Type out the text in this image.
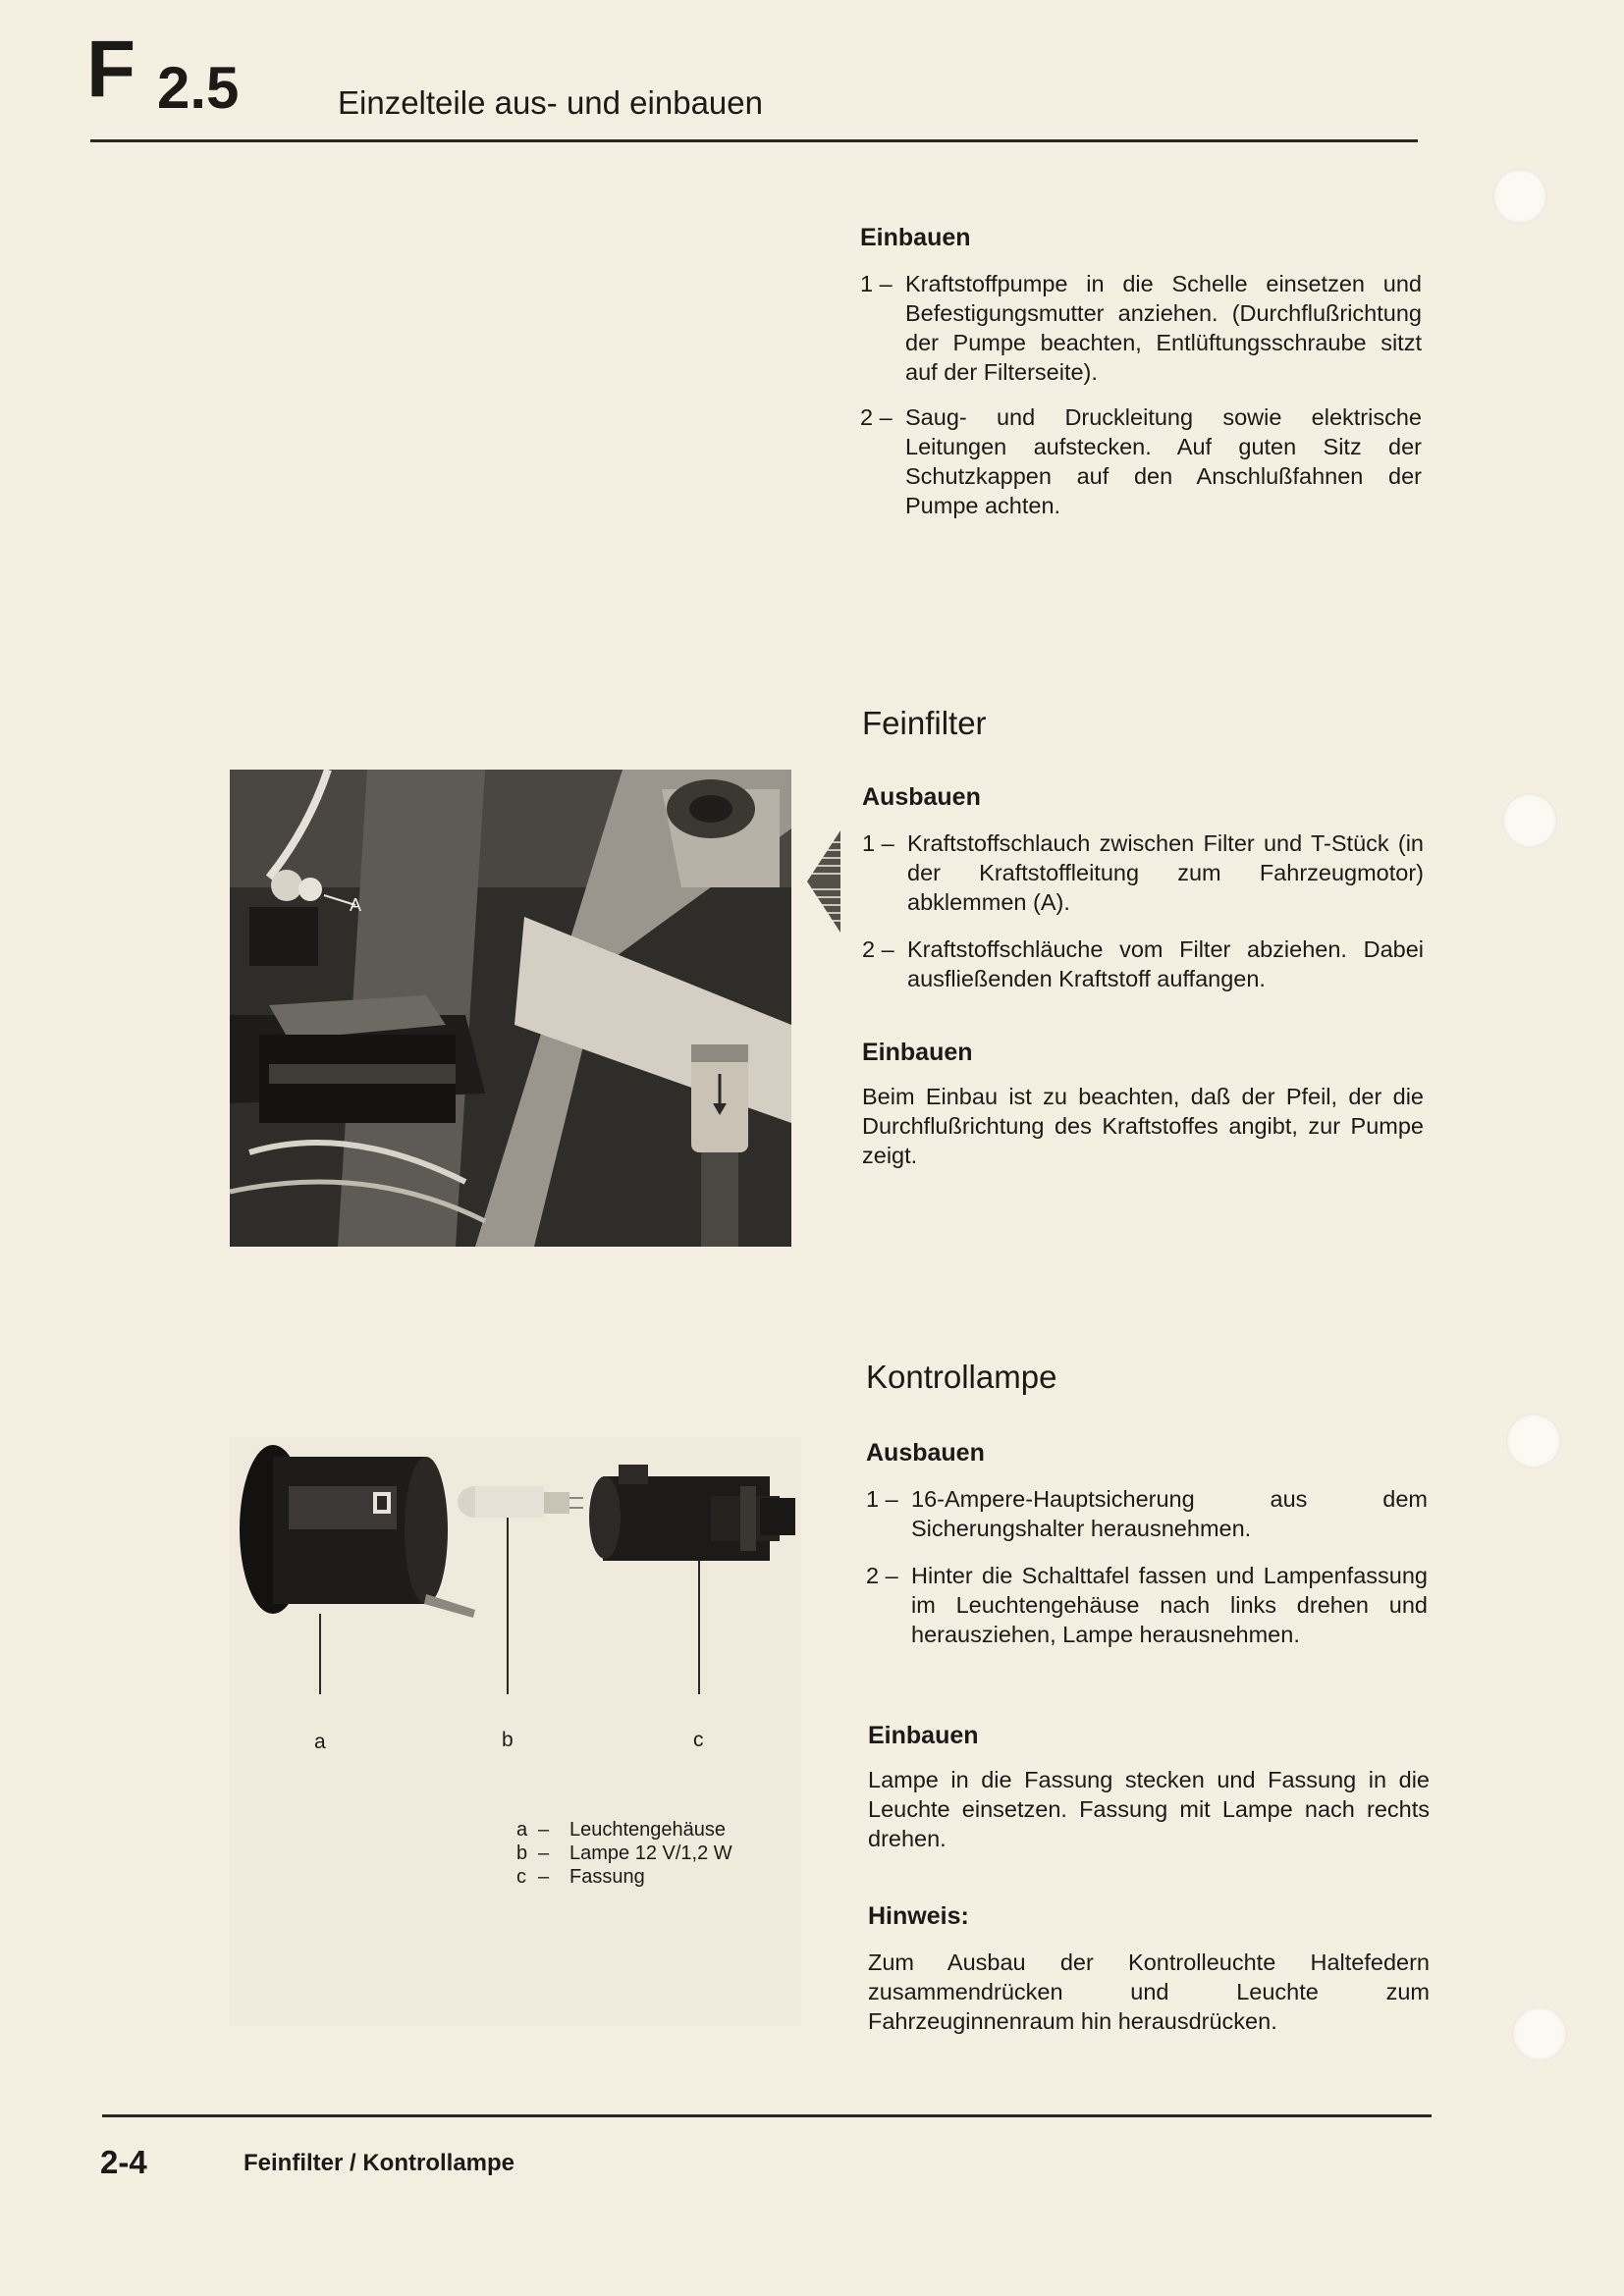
F 2.5	Einzelteile aus- und einbauen
Einbauen
1 – Kraftstoffpumpe in die Schelle einsetzen und Befestigungsmutter anziehen. (Durchflußrichtung der Pumpe beachten, Entlüftungsschraube sitzt auf der Filterseite).
2 – Saug- und Druckleitung sowie elektrische Leitungen aufstecken. Auf guten Sitz der Schutzkappen auf den Anschlußfahnen der Pumpe achten.
Feinfilter
Ausbauen
1 – Kraftstoffschlauch zwischen Filter und T-Stück (in der Kraftstoffleitung zum Fahrzeugmotor) abklemmen (A).
2 – Kraftstoffschläuche vom Filter abziehen. Dabei ausfließenden Kraftstoff auffangen.
Einbauen
Beim Einbau ist zu beachten, daß der Pfeil, der die Durchflußrichtung des Kraftstoffes angibt, zur Pumpe zeigt.
A
Kontrollampe
Ausbauen
1 – 16-Ampere-Hauptsicherung aus dem Sicherungshalter herausnehmen.
2 – Hinter die Schalttafel fassen und Lampenfassung im Leuchtengehäuse nach links drehen und herausziehen, Lampe herausnehmen.
Einbauen
Lampe in die Fassung stecken und Fassung in die Leuchte einsetzen. Fassung mit Lampe nach rechts drehen.
Hinweis:
Zum Ausbau der Kontrolleuchte Haltefedern zusammendrücken und Leuchte zum Fahrzeuginnenraum hin herausdrücken.
a	b	c
a – Leuchtengehäuse
b – Lampe 12 V/1,2 W
c – Fassung
2-4	Feinfilter / Kontrollampe
